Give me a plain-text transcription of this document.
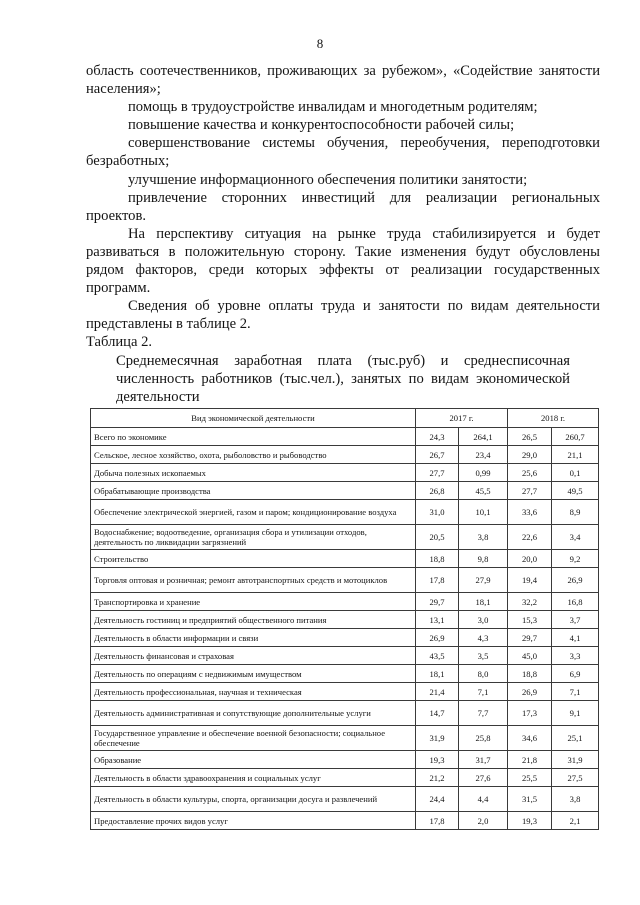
8

область соотечественников, проживающих за рубежом», «Содействие занятости населения»;

помощь в трудоустройстве инвалидам и многодетным родителям;

повышение качества и конкурентоспособности рабочей силы;

совершенствование системы обучения, переобучения, переподготовки безработных;

улучшение информационного обеспечения политики занятости;

привлечение сторонних инвестиций для реализации региональных проектов.

На перспективу ситуация на рынке труда стабилизируется и будет развиваться в положительную сторону. Такие изменения будут обусловлены рядом факторов, среди которых эффекты от реализации государственных программ.

Сведения об уровне оплаты труда и занятости по видам деятельности представлены в таблице 2.

Таблица 2.

Среднемесячная заработная плата (тыс.руб) и среднесписочная численность работников (тыс.чел.), занятых по видам экономической деятельности

Вид экономической деятельности	2017 г.		2018 г.	
Всего по экономике	24,3	264,1	26,5	260,7
Сельское, лесное хозяйство, охота, рыболовство и рыбоводство	26,7	23,4	29,0	21,1
Добыча полезных ископаемых	27,7	0,99	25,6	0,1
Обрабатывающие производства	26,8	45,5	27,7	49,5
Обеспечение электрической энергией, газом и паром; кондиционирование воздуха	31,0	10,1	33,6	8,9
Водоснабжение; водоотведение, организация сбора и утилизации отходов, деятельность по ликвидации загрязнений	20,5	3,8	22,6	3,4
Строительство	18,8	9,8	20,0	9,2
Торговля оптовая и розничная; ремонт автотранспортных средств и мотоциклов	17,8	27,9	19,4	26,9
Транспортировка и хранение	29,7	18,1	32,2	16,8
Деятельность гостиниц и предприятий общественного питания	13,1	3,0	15,3	3,7
Деятельность в области информации и связи	26,9	4,3	29,7	4,1
Деятельность финансовая и страховая	43,5	3,5	45,0	3,3
Деятельность по операциям с недвижимым имуществом	18,1	8,0	18,8	6,9
Деятельность профессиональная, научная и техническая	21,4	7,1	26,9	7,1
Деятельность административная и сопутствующие дополнительные услуги	14,7	7,7	17,3	9,1
Государственное управление и обеспечение военной безопасности; социальное обеспечение	31,9	25,8	34,6	25,1
Образование	19,3	31,7	21,8	31,9
Деятельность в области здравоохранения и социальных услуг	21,2	27,6	25,5	27,5
Деятельность в области культуры, спорта, организации досуга и развлечений	24,4	4,4	31,5	3,8
Предоставление прочих видов услуг	17,8	2,0	19,3	2,1
